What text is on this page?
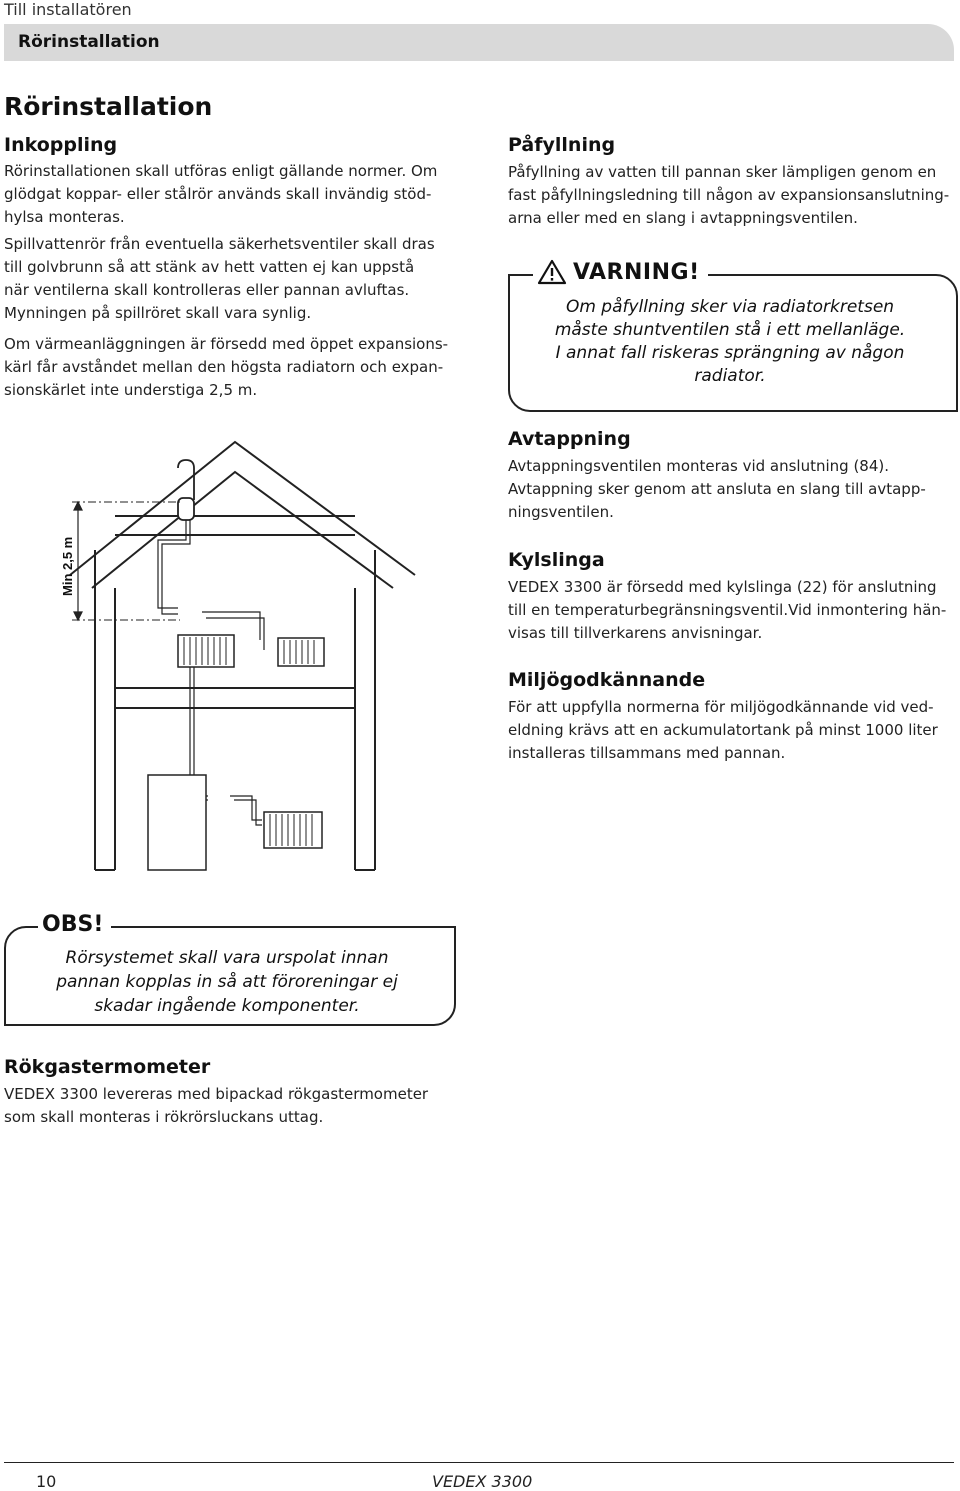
Till installatören
Rörinstallation
Rörinstallation
Inkoppling

Rörinstallationen skall utföras enligt gällande normer. Om
glödgat koppar- eller stålrör används skall invändig stöd-
hylsa monteras.

Spillvattenrör från eventuella säkerhetsventiler skall dras
till golvbrunn så att stänk av hett vatten ej kan uppstå
när ventilerna skall kontrolleras eller pannan avluftas.
Mynningen på spillröret skall vara synlig.

Om värmeanläggningen är försedd med öppet expansions-
kärl får avståndet mellan den högsta radiatorn och expan-
sionskärlet inte understiga 2,5 m.

Min 2,5 m
Påfyllning

Påfyllning av vatten till pannan sker lämpligen genom en
fast påfyllningsledning till någon av expansionsanslutning-
arna eller med en slang i avtappningsventilen.

VARNING!
Om påfyllning sker via radiatorkretsen
måste shuntventilen stå i ett mellanläge.
I annat fall riskeras sprängning av någon
radiator.
Avtappning

Avtappningsventilen monteras vid anslutning (84).
Avtappning sker genom att ansluta en slang till avtapp-
ningsventilen.

Kylslinga

VEDEX 3300 är försedd med kylslinga (22) för anslutning
till en temperaturbegränsningsventil.Vid inmontering hän-
visas till tillverkarens anvisningar.

Miljögodkännande

För att uppfylla normerna för miljögodkännande vid ved-
eldning krävs att en ackumulatortank på minst 1000 liter
installeras tillsammans med pannan.

OBS!
Rörsystemet skall vara urspolat innan
pannan kopplas in så att föroreningar ej
skadar ingående komponenter.
Rökgastermometer

VEDEX 3300 levereras med bipackad rökgastermometer
som skall monteras i rökrörsluckans uttag.

10	VEDEX 3300
